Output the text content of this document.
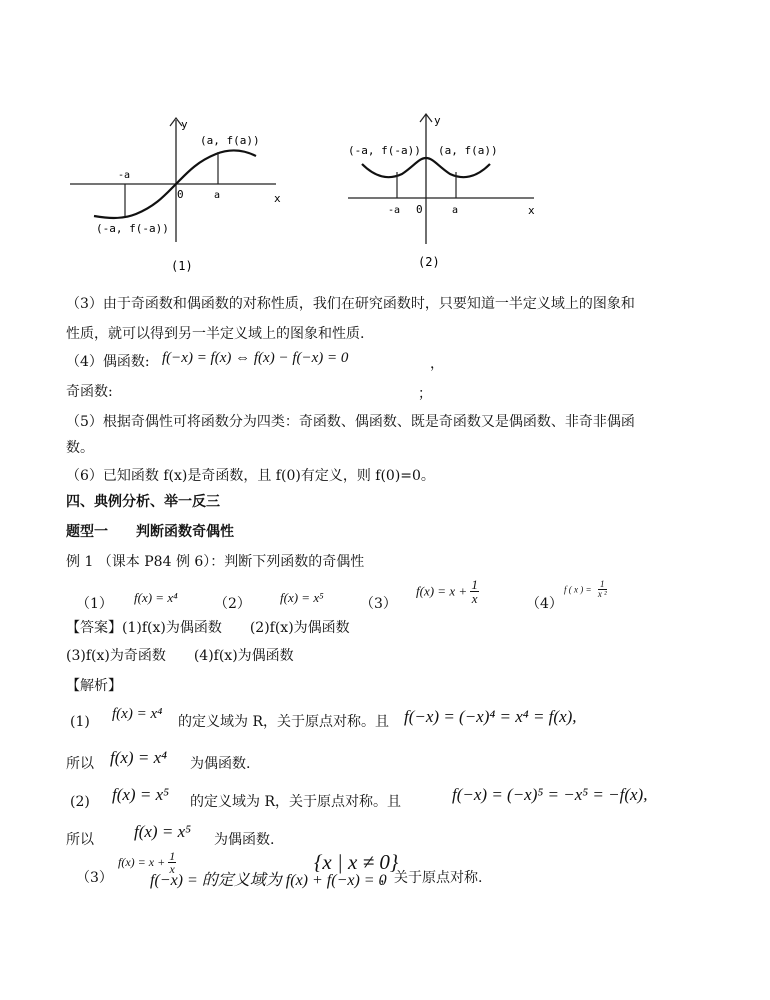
y
x
0
(a, f(a))
(-a, f(-a))
a
-a
(1)
y
x
0
(-a, f(-a)) (a, f(a))
-a	a
(2)
（3）由于奇函数和偶函数的对称性质，我们在研究函数时，只要知道一半定义域上的图象和
性质，就可以得到另一半定义域上的图象和性质.
（4）偶函数: f(−x) = f(x) ⇔ f(x) − f(−x) = 0	，
奇函数:	；
（5）根据奇偶性可将函数分为四类：奇函数、偶函数、既是奇函数又是偶函数、非奇非偶函
数。
（6）已知函数 f(x)是奇函数，且 f(0)有定义，则 f(0)=0。
四、典例分析、举一反三
题型一　　判断函数奇偶性
例 1 （课本 P84 例 6）：判断下列函数的奇偶性
（1） f(x) = x⁴	（2） f(x) = x⁵	（3）
$f(x) = x + \frac{1}{x}$	（4）
f ( x ) = $\frac{1}{\text{x ²}}$
【答案】(1)f(x)为偶函数　　(2)f(x)为偶函数
(3)f(x)为奇函数　　(4)f(x)为偶函数
【解析】
(1) f(x) = x⁴ 的定义域为 R，关于原点对称。且 f(−x) = (−x)⁴ = x⁴ = f(x),
所以 f(x) = x⁴ 为偶函数.
(2) f(x) = x⁵ 的定义域为 R，关于原点对称。且	f(−x) = (−x)⁵ = −x⁵ = −f(x),
所以 f(x) = x⁵ 为偶函数.
（3）
$f(x) = x + \frac{1}{x}$	{x | x ≠ 0}
f(−x) = 的定义域为 f(x) + f(−x) = 0
，关于原点对称.
